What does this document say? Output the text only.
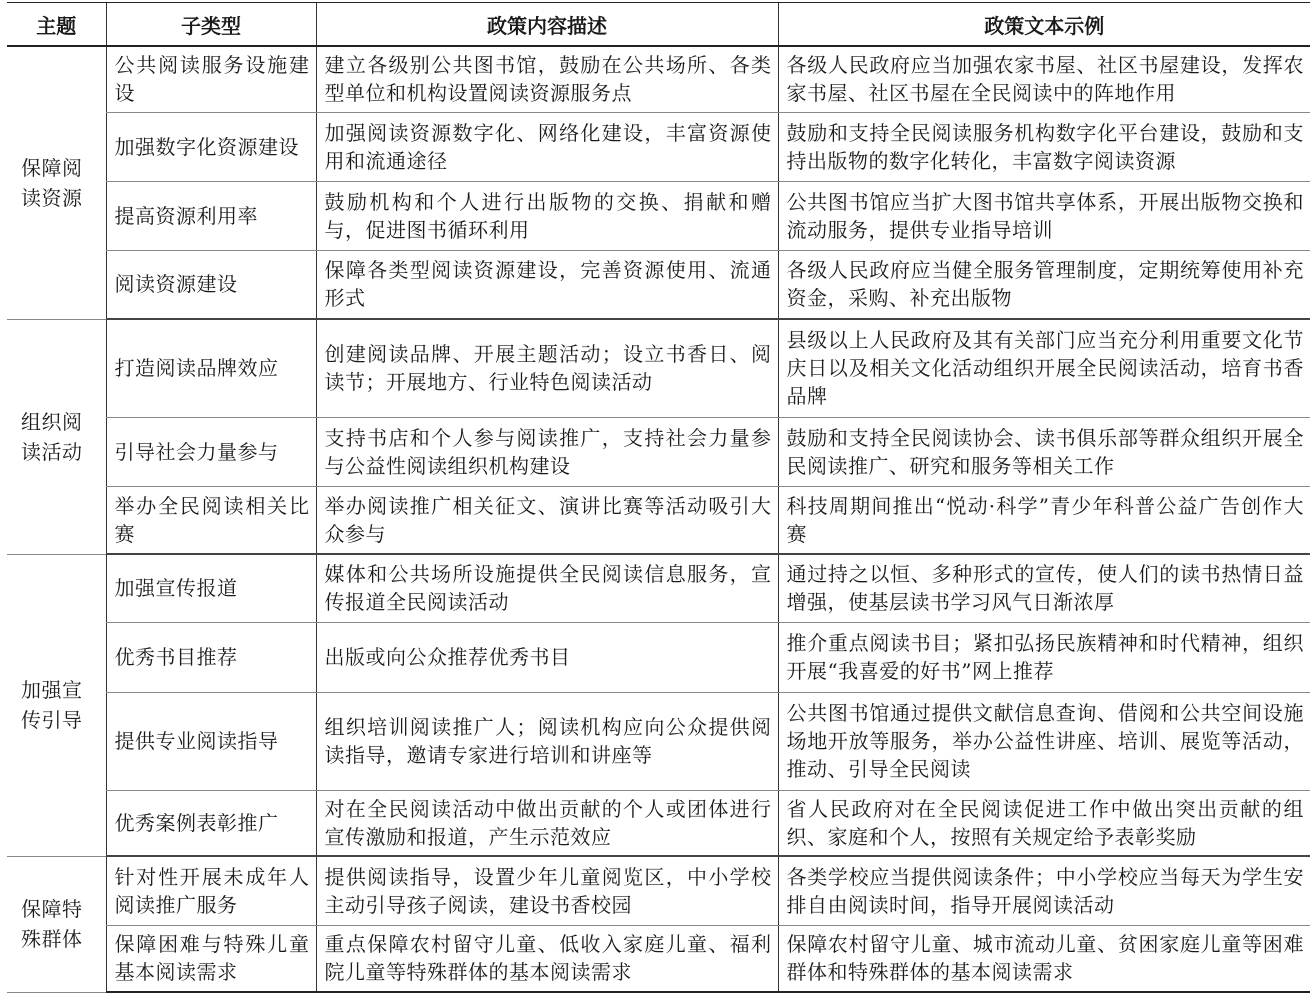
主题	子类型	政策内容描述	政策文本示例
保障阅读资源	公共阅读服务设施建设	建立各级别公共图书馆，鼓励在公共场所、各类型单位和机构设置阅读资源服务点	各级人民政府应当加强农家书屋、社区书屋建设，发挥农家书屋、社区书屋在全民阅读中的阵地作用
	加强数字化资源建设	加强阅读资源数字化、网络化建设，丰富资源使用和流通途径	鼓励和支持全民阅读服务机构数字化平台建设，鼓励和支持出版物的数字化转化，丰富数字阅读资源
	提高资源利用率	鼓励机构和个人进行出版物的交换、捐献和赠与，促进图书循环利用	公共图书馆应当扩大图书馆共享体系，开展出版物交换和流动服务，提供专业指导培训
	阅读资源建设	保障各类型阅读资源建设，完善资源使用、流通形式	各级人民政府应当健全服务管理制度，定期统筹使用补充资金，采购、补充出版物
组织阅读活动	打造阅读品牌效应	创建阅读品牌、开展主题活动；设立书香日、阅读节；开展地方、行业特色阅读活动	县级以上人民政府及其有关部门应当充分利用重要文化节庆日以及相关文化活动组织开展全民阅读活动，培育书香品牌
	引导社会力量参与	支持书店和个人参与阅读推广，支持社会力量参与公益性阅读组织机构建设	鼓励和支持全民阅读协会、读书俱乐部等群众组织开展全民阅读推广、研究和服务等相关工作
	举办全民阅读相关比赛	举办阅读推广相关征文、演讲比赛等活动吸引大众参与	科技周期间推出“悦动·科学”青少年科普公益广告创作大赛
加强宣传引导	加强宣传报道	媒体和公共场所设施提供全民阅读信息服务，宣传报道全民阅读活动	通过持之以恒、多种形式的宣传，使人们的读书热情日益增强，使基层读书学习风气日渐浓厚
	优秀书目推荐	出版或向公众推荐优秀书目	推介重点阅读书目；紧扣弘扬民族精神和时代精神，组织开展“我喜爱的好书”网上推荐
	提供专业阅读指导	组织培训阅读推广人；阅读机构应向公众提供阅读指导，邀请专家进行培训和讲座等	公共图书馆通过提供文献信息查询、借阅和公共空间设施场地开放等服务，举办公益性讲座、培训、展览等活动，推动、引导全民阅读
	优秀案例表彰推广	对在全民阅读活动中做出贡献的个人或团体进行宣传激励和报道，产生示范效应	省人民政府对在全民阅读促进工作中做出突出贡献的组织、家庭和个人，按照有关规定给予表彰奖励
保障特殊群体	针对性开展未成年人阅读推广服务	提供阅读指导，设置少年儿童阅览区，中小学校主动引导孩子阅读，建设书香校园	各类学校应当提供阅读条件；中小学校应当每天为学生安排自由阅读时间，指导开展阅读活动
	保障困难与特殊儿童基本阅读需求	重点保障农村留守儿童、低收入家庭儿童、福利院儿童等特殊群体的基本阅读需求	保障农村留守儿童、城市流动儿童、贫困家庭儿童等困难群体和特殊群体的基本阅读需求
